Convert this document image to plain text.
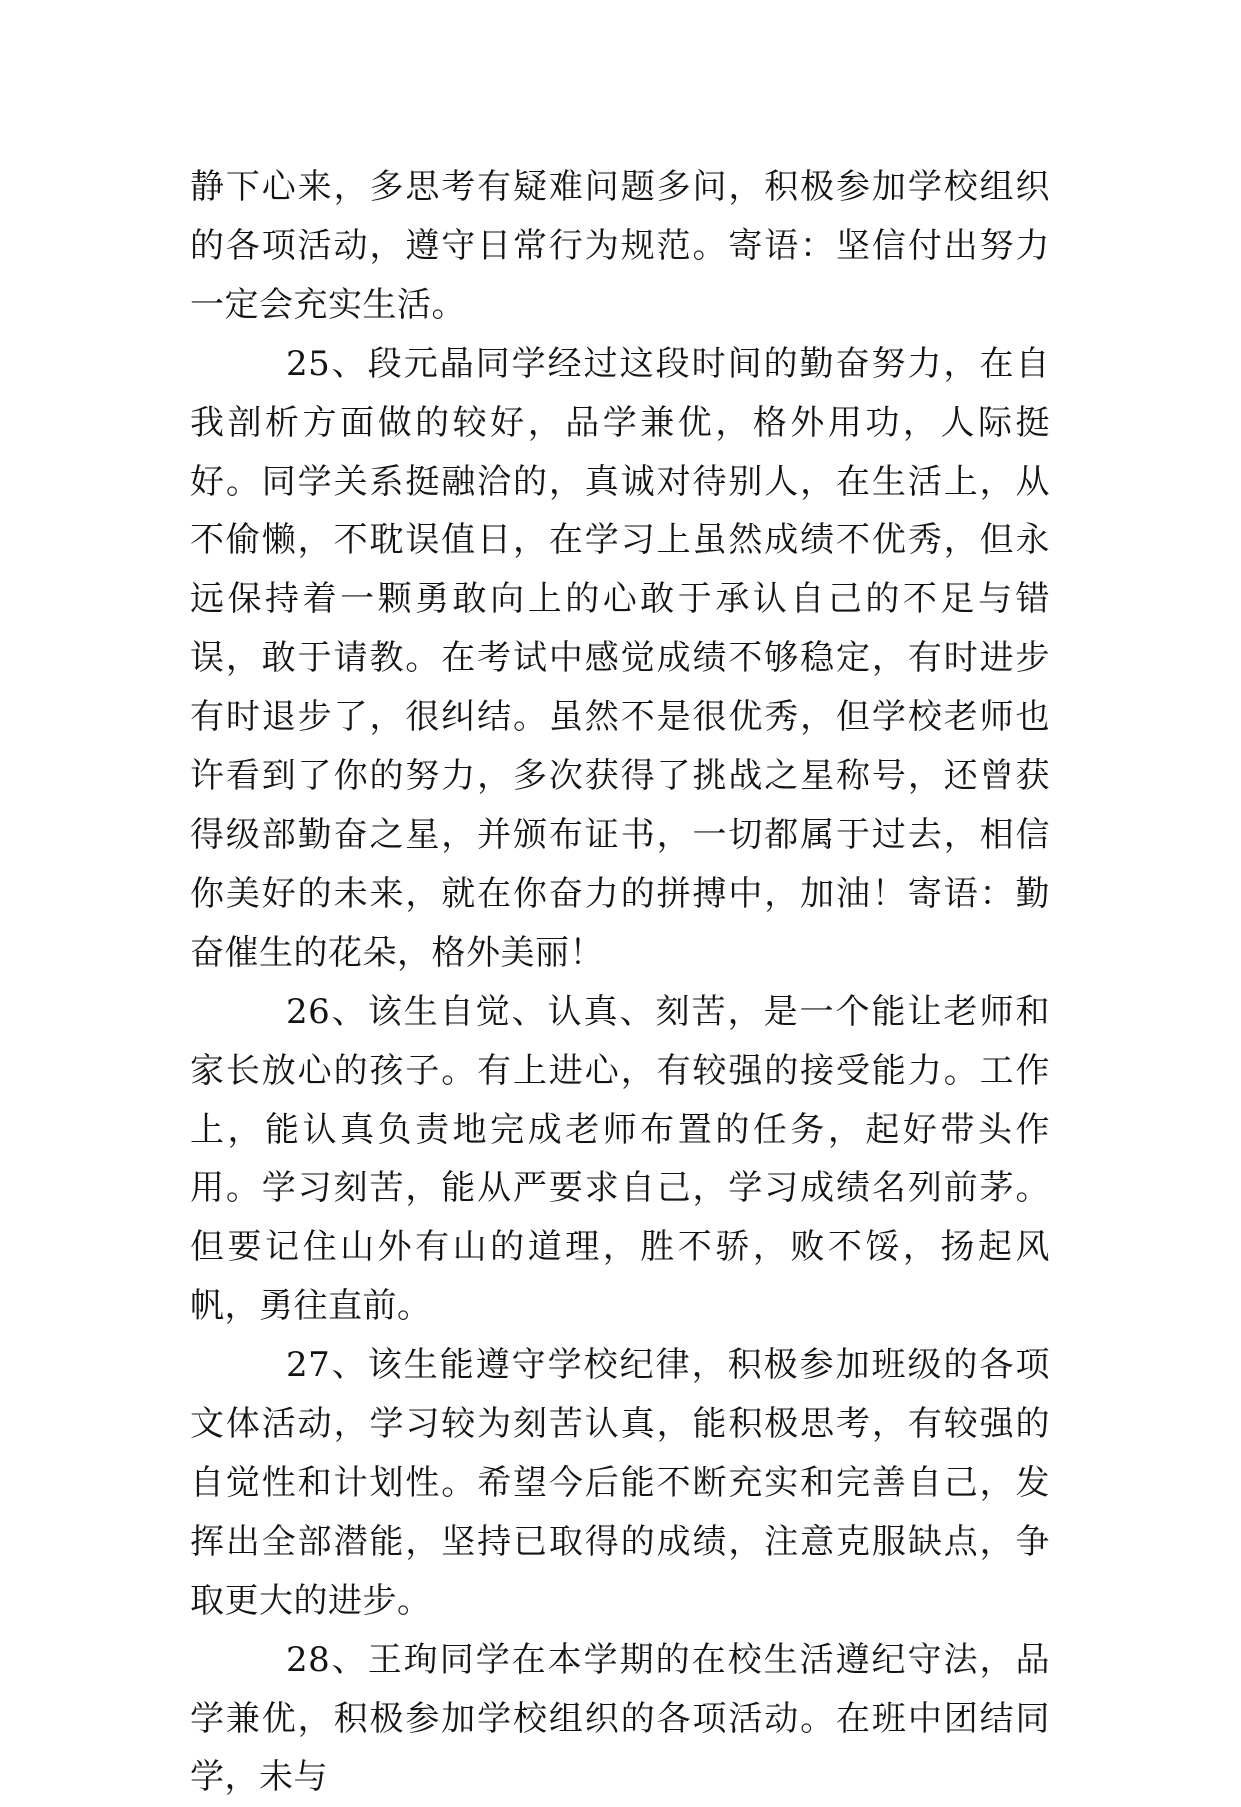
静下心来，多思考有疑难问题多问，积极参加学校组织的各项活动，遵守日常行为规范。寄语：坚信付出努力一定会充实生活。

25、段元晶同学经过这段时间的勤奋努力，在自我剖析方面做的较好，品学兼优，格外用功，人际挺好。同学关系挺融洽的，真诚对待别人，在生活上，从不偷懒，不耽误值日，在学习上虽然成绩不优秀，但永远保持着一颗勇敢向上的心敢于承认自己的不足与错误，敢于请教。在考试中感觉成绩不够稳定，有时进步有时退步了，很纠结。虽然不是很优秀，但学校老师也许看到了你的努力，多次获得了挑战之星称号，还曾获得级部勤奋之星，并颁布证书，一切都属于过去，相信你美好的未来，就在你奋力的拼搏中，加油！寄语：勤奋催生的花朵，格外美丽！

26、该生自觉、认真、刻苦，是一个能让老师和家长放心的孩子。有上进心，有较强的接受能力。工作上，能认真负责地完成老师布置的任务，起好带头作用。学习刻苦，能从严要求自己，学习成绩名列前茅。但要记住山外有山的道理，胜不骄，败不馁，扬起风帆，勇往直前。

27、该生能遵守学校纪律，积极参加班级的各项文体活动，学习较为刻苦认真，能积极思考，有较强的自觉性和计划性。希望今后能不断充实和完善自己，发挥出全部潜能，坚持已取得的成绩，注意克服缺点，争取更大的进步。

28、王珣同学在本学期的在校生活遵纪守法，品学兼优，积极参加学校组织的各项活动。在班中团结同学，未与
